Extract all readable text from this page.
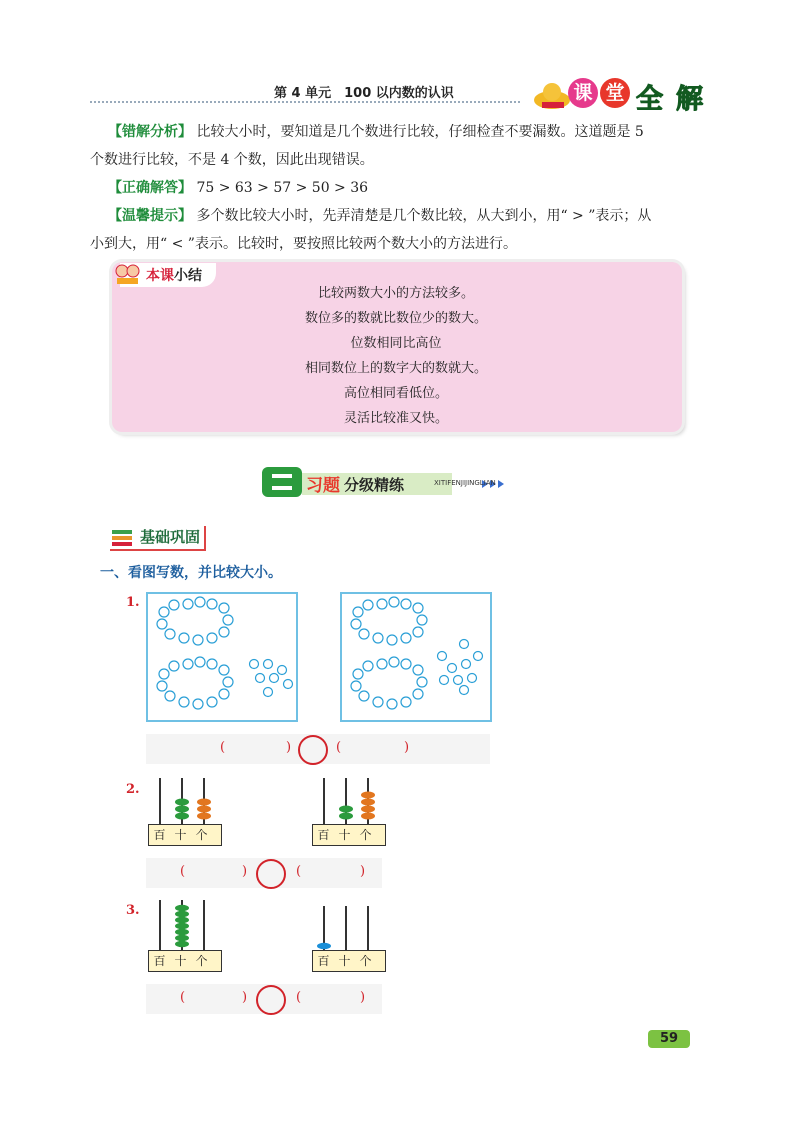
第 4 单元　100 以内数的认识	课 堂 全 解
【错解分析】 比较大小时，要知道是几个数进行比较，仔细检查不要漏数。这道题是 5
个数进行比较，不是 4 个数，因此出现错误。
【正确解答】 75 > 63 > 57 > 50 > 36
【温馨提示】 多个数比较大小时，先弄清楚是几个数比较，从大到小，用“ > ”表示；从
小到大，用“ < ”表示。比较时，要按照比较两个数大小的方法进行。
本课小结
比较两数大小的方法较多。
数位多的数就比数位少的数大。
位数相同比高位
相同数位上的数字大的数就大。
高位相同看低位。
灵活比较准又快。
习题 分级精练	XITIFENJIJINGLIAN
基础巩固
一、看图写数，并比较大小。
1.
(	)	(	)
2.
百十个	百十个
(	)	(	)
3.
百十个	百十个
(	)	(	)
59
